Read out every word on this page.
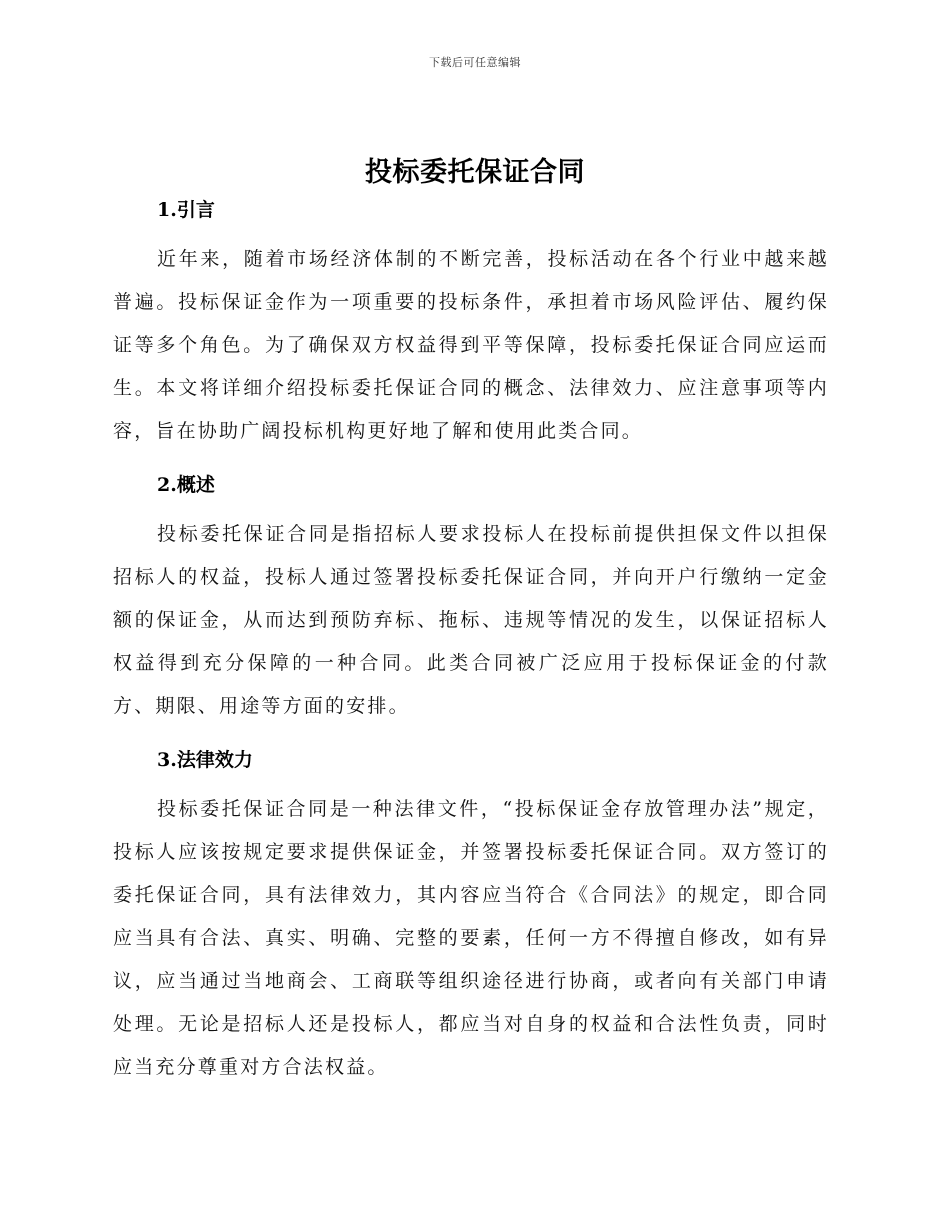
下载后可任意编辑
投标委托保证合同
1.引言

近年来，随着市场经济体制的不断完善，投标活动在各个行业中越来越普遍。投标保证金作为一项重要的投标条件，承担着市场风险评估、履约保证等多个角色。为了确保双方权益得到平等保障，投标委托保证合同应运而生。本文将详细介绍投标委托保证合同的概念、法律效力、应注意事项等内容，旨在协助广阔投标机构更好地了解和使用此类合同。

2.概述

投标委托保证合同是指招标人要求投标人在投标前提供担保文件以担保招标人的权益，投标人通过签署投标委托保证合同，并向开户行缴纳一定金额的保证金，从而达到预防弃标、拖标、违规等情况的发生，以保证招标人权益得到充分保障的一种合同。此类合同被广泛应用于投标保证金的付款方、期限、用途等方面的安排。

3.法律效力

投标委托保证合同是一种法律文件，“投标保证金存放管理办法”规定，投标人应该按规定要求提供保证金，并签署投标委托保证合同。双方签订的委托保证合同，具有法律效力，其内容应当符合《合同法》的规定，即合同应当具有合法、真实、明确、完整的要素，任何一方不得擅自修改，如有异议，应当通过当地商会、工商联等组织途径进行协商，或者向有关部门申请处理。无论是招标人还是投标人，都应当对自身的权益和合法性负责，同时应当充分尊重对方合法权益。
